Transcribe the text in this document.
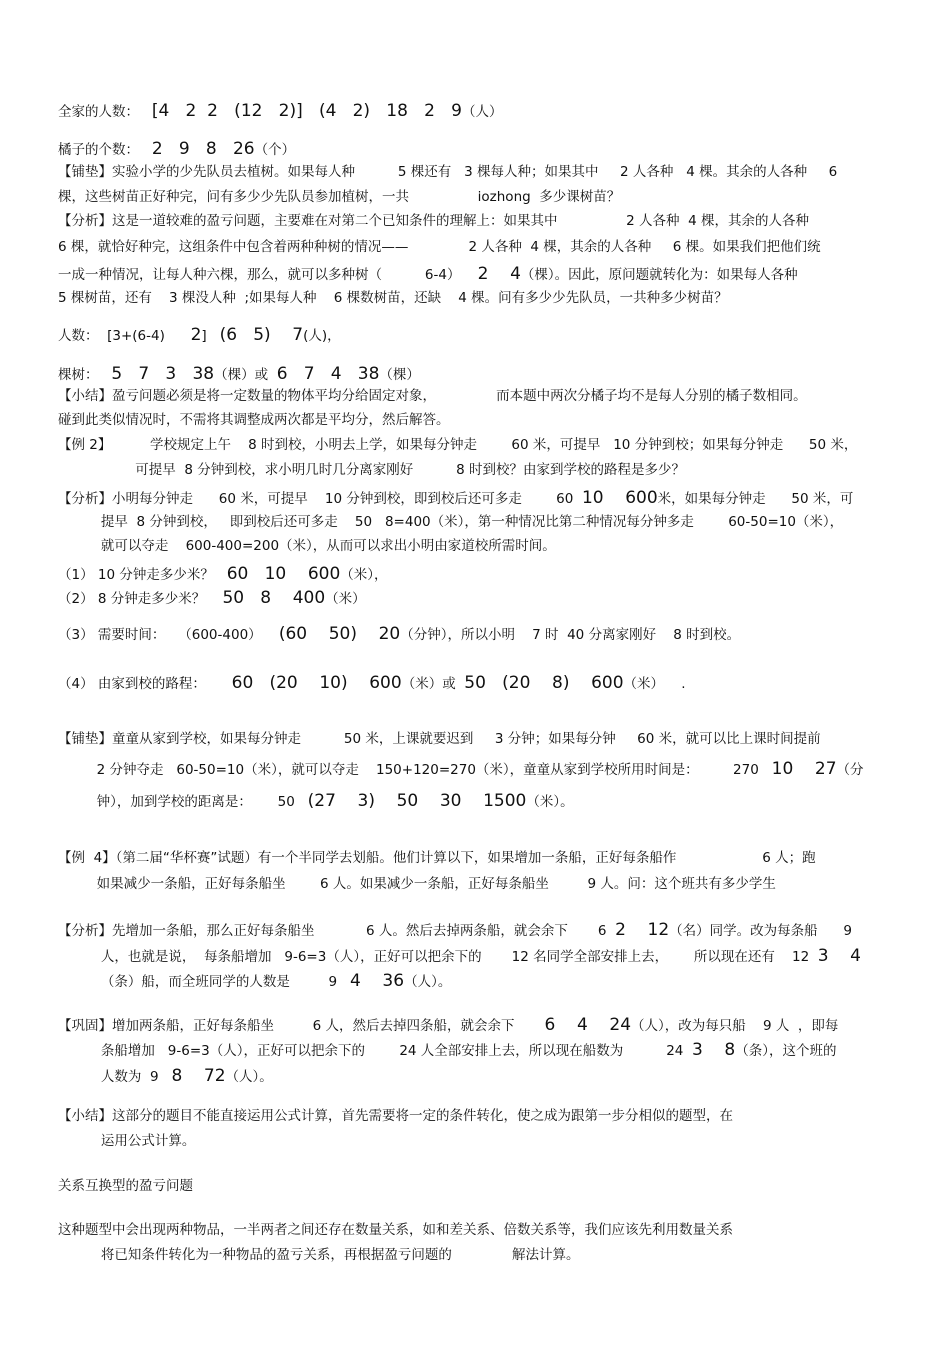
全家的人数：   [4   2  2   (12   2)]   (4   2)   18   2   9（人）
橘子的个数：   2   9   8   26（个）
【铺垫】实验小学的少先队员去植树。如果每人种          5 棵还有   3 棵每人种；如果其中     2 人各种   4 棵。其余的人各种     6
棵，这些树苗正好种完，问有多少少先队员参加植树，一共                iozhong  多少课树苗？
【分析】这是一道较难的盈亏问题，主要难在对第二个已知条件的理解上：如果其中                2 人各种  4 棵，其余的人各种
6 棵，就恰好种完，这组条件中包含着两种种树的情况——              2 人各种  4 棵，其余的人各种     6 棵。如果我们把他们统
一成一种情况，让每人种六棵，那么，就可以多种树（          6-4）    2    4（棵）。因此，原问题就转化为：如果每人各种
5 棵树苗，还有    3 棵没人种  ;如果每人种    6 棵数树苗，还缺    4 棵。问有多少少先队员，一共种多少树苗？
人数：  [3+(6-4)      2]   (6   5)    7(人)，
棵树：   5   7   3   38（棵）或  6   7   4   38（棵）
【小结】盈亏问题必须是将一定数量的物体平均分给固定对象，              而本题中两次分橘子均不是每人分别的橘子数相同。
碰到此类似情况时，不需将其调整成两次都是平均分，然后解答。
【例 2】         学校规定上午    8 时到校，小明去上学，如果每分钟走        60 米，可提早   10 分钟到校；如果每分钟走      50 米，
可提早  8 分钟到校，求小明几时几分离家刚好          8 时到校？由家到学校的路程是多少？
【分析】小明每分钟走      60 米，可提早    10 分钟到校，即到校后还可多走        60  10    600米，如果每分钟走      50 米，可
提早  8 分钟到校，   即到校后还可多走    50   8=400（米），第一种情况比第二种情况每分钟多走        60-50=10（米），
就可以夺走    600-400=200（米），从而可以求出小明由家道校所需时间。
（1） 10 分钟走多少米？   60   10    600（米），
（2） 8 分钟走多少米？    50   8    400（米）
（3） 需要时间：   （600-400）    (60    50)    20（分钟），所以小明    7 时  40 分离家刚好    8 时到校。
（4） 由家到校的路程：      60   (20    10)    600（米）或  50   (20    8)    600（米）    .
【铺垫】童童从家到学校，如果每分钟走          50 米，上课就要迟到     3 分钟；如果每分钟     60 米，就可以比上课时间提前
2 分钟夺走   60-50=10（米），就可以夺走    150+120=270（米），童童从家到学校所用时间是：        270   10    27（分
钟），加到学校的距离是：      50   (27    3)    50    30    1500（米）。
【例  4】（第二届“华杯赛”试题）有一个半同学去划船。他们计算以下，如果增加一条船，正好每条船作                    6 人；跑
如果减少一条船，正好每条船坐        6 人。如果减少一条船，正好每条船坐         9 人。问：这个班共有多少学生
【分析】先增加一条船，那么正好每条船坐            6 人。然后去掉两条船，就会余下       6  2    12（名）同学。改为每条船      9
人，也就是说，  每条船增加   9-6=3（人），正好可以把余下的       12 名同学全部安排上去，      所以现在还有    12  3    4
（条）船，而全班同学的人数是         9   4    36（人）。
【巩固】增加两条船，正好每条船坐         6 人，然后去掉四条船，就会余下       6    4    24（人），改为每只船    9 人  ，即每
条船增加   9-6=3（人），正好可以把余下的        24 人全部安排上去，所以现在船数为          24  3    8（条），这个班的
人数为  9   8    72（人）。
【小结】这部分的题目不能直接运用公式计算，首先需要将一定的条件转化，使之成为跟第一步分相似的题型，在
运用公式计算。
关系互换型的盈亏问题
这种题型中会出现两种物品，一半两者之间还存在数量关系，如和差关系、倍数关系等，我们应该先利用数量关系
将已知条件转化为一种物品的盈亏关系，再根据盈亏问题的              解法计算。
